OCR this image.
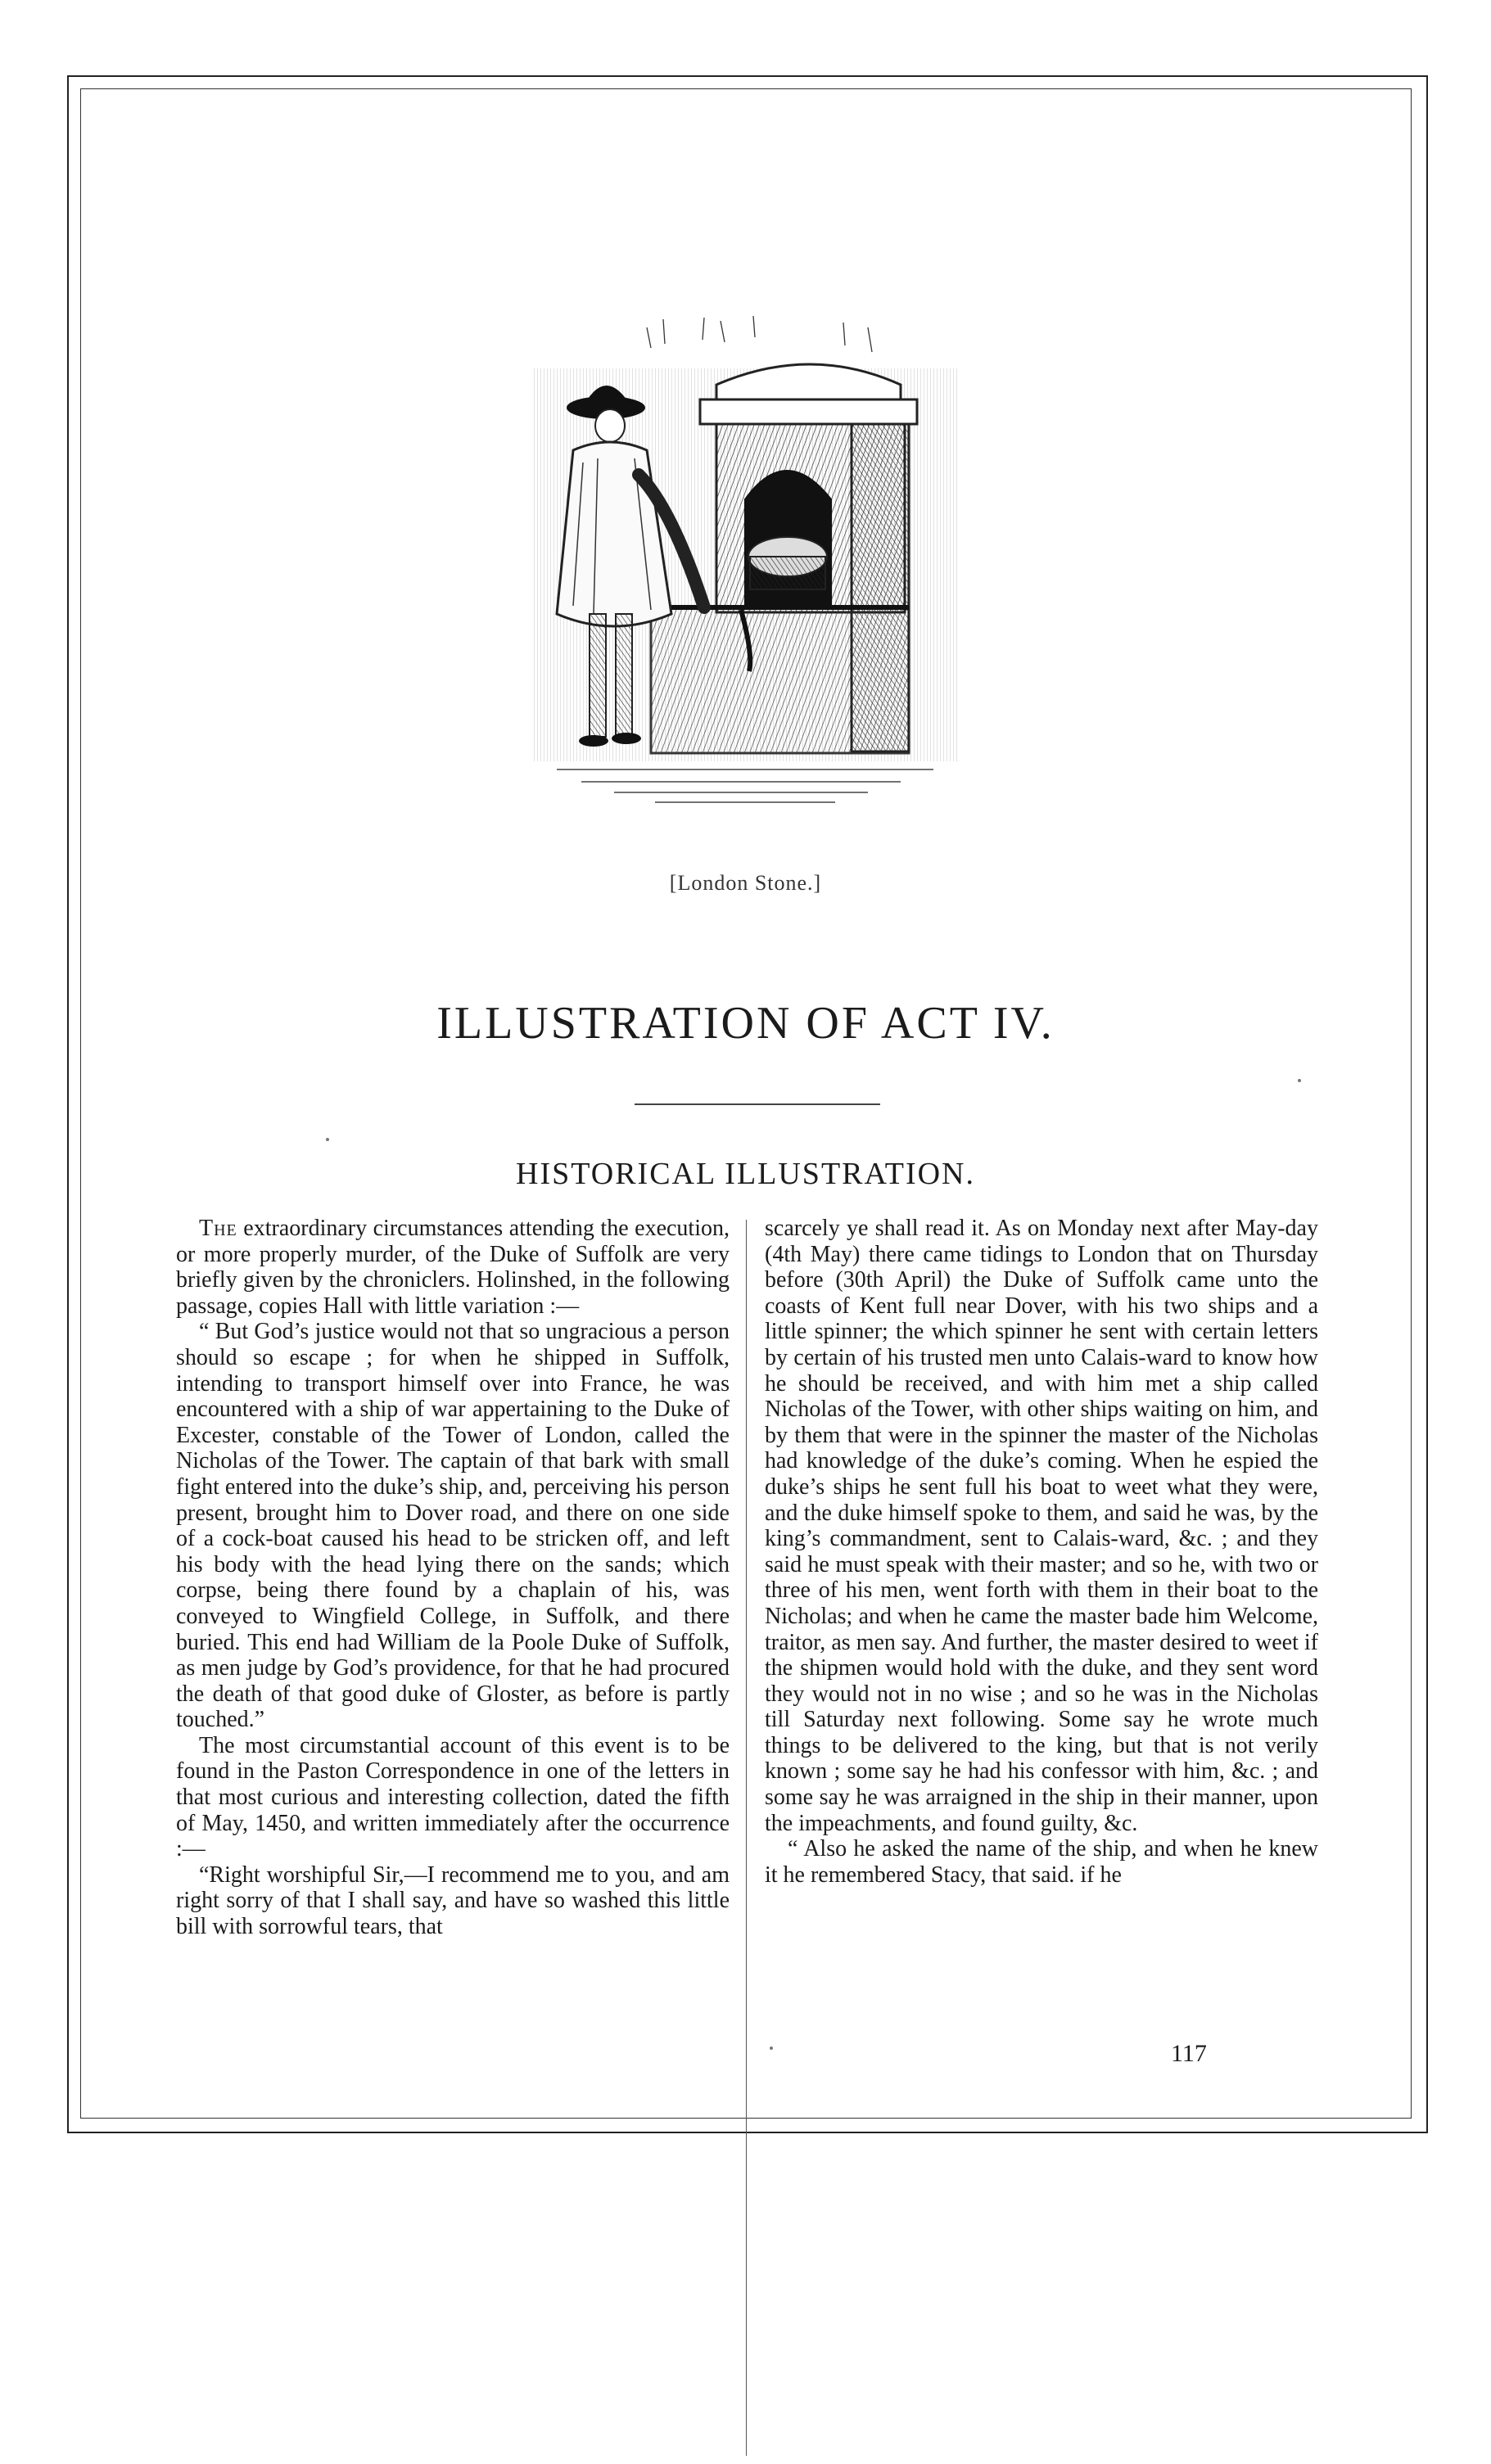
[London Stone.]
ILLUSTRATION OF ACT IV.
HISTORICAL ILLUSTRATION.

The extraordinary circumstances attending the execution, or more properly murder, of the Duke of Suffolk are very briefly given by the chroniclers. Holinshed, in the following passage, copies Hall with little variation :—

“ But God’s justice would not that so ungracious a person should so escape ; for when he shipped in Suffolk, intending to transport himself over into France, he was encountered with a ship of war appertaining to the Duke of Excester, constable of the Tower of London, called the Nicholas of the Tower. The captain of that bark with small fight entered into the duke’s ship, and, perceiving his person present, brought him to Dover road, and there on one side of a cock-boat caused his head to be stricken off, and left his body with the head lying there on the sands; which corpse, being there found by a chaplain of his, was conveyed to Wingfield College, in Suffolk, and there buried. This end had William de la Poole Duke of Suffolk, as men judge by God’s providence, for that he had procured the death of that good duke of Gloster, as before is partly touched.”

The most circumstantial account of this event is to be found in the Paston Correspondence in one of the letters in that most curious and interesting collection, dated the fifth of May, 1450, and written immediately after the occurrence :—

“Right worshipful Sir,—I recommend me to you, and am right sorry of that I shall say, and have so washed this little bill with sorrowful tears, that

scarcely ye shall read it. As on Monday next after May-day (4th May) there came tidings to London that on Thursday before (30th April) the Duke of Suffolk came unto the coasts of Kent full near Dover, with his two ships and a little spinner; the which spinner he sent with certain letters by certain of his trusted men unto Calais-ward to know how he should be received, and with him met a ship called Nicholas of the Tower, with other ships waiting on him, and by them that were in the spinner the master of the Nicholas had knowledge of the duke’s coming. When he espied the duke’s ships he sent full his boat to weet what they were, and the duke himself spoke to them, and said he was, by the king’s commandment, sent to Calais-ward, &c. ; and they said he must speak with their master; and so he, with two or three of his men, went forth with them in their boat to the Nicholas; and when he came the master bade him Welcome, traitor, as men say. And further, the master desired to weet if the shipmen would hold with the duke, and they sent word they would not in no wise ; and so he was in the Nicholas till Saturday next following. Some say he wrote much things to be delivered to the king, but that is not verily known ; some say he had his confessor with him, &c. ; and some say he was arraigned in the ship in their manner, upon the impeachments, and found guilty, &c.

“ Also he asked the name of the ship, and when he knew it he remembered Stacy, that said. if he

117
